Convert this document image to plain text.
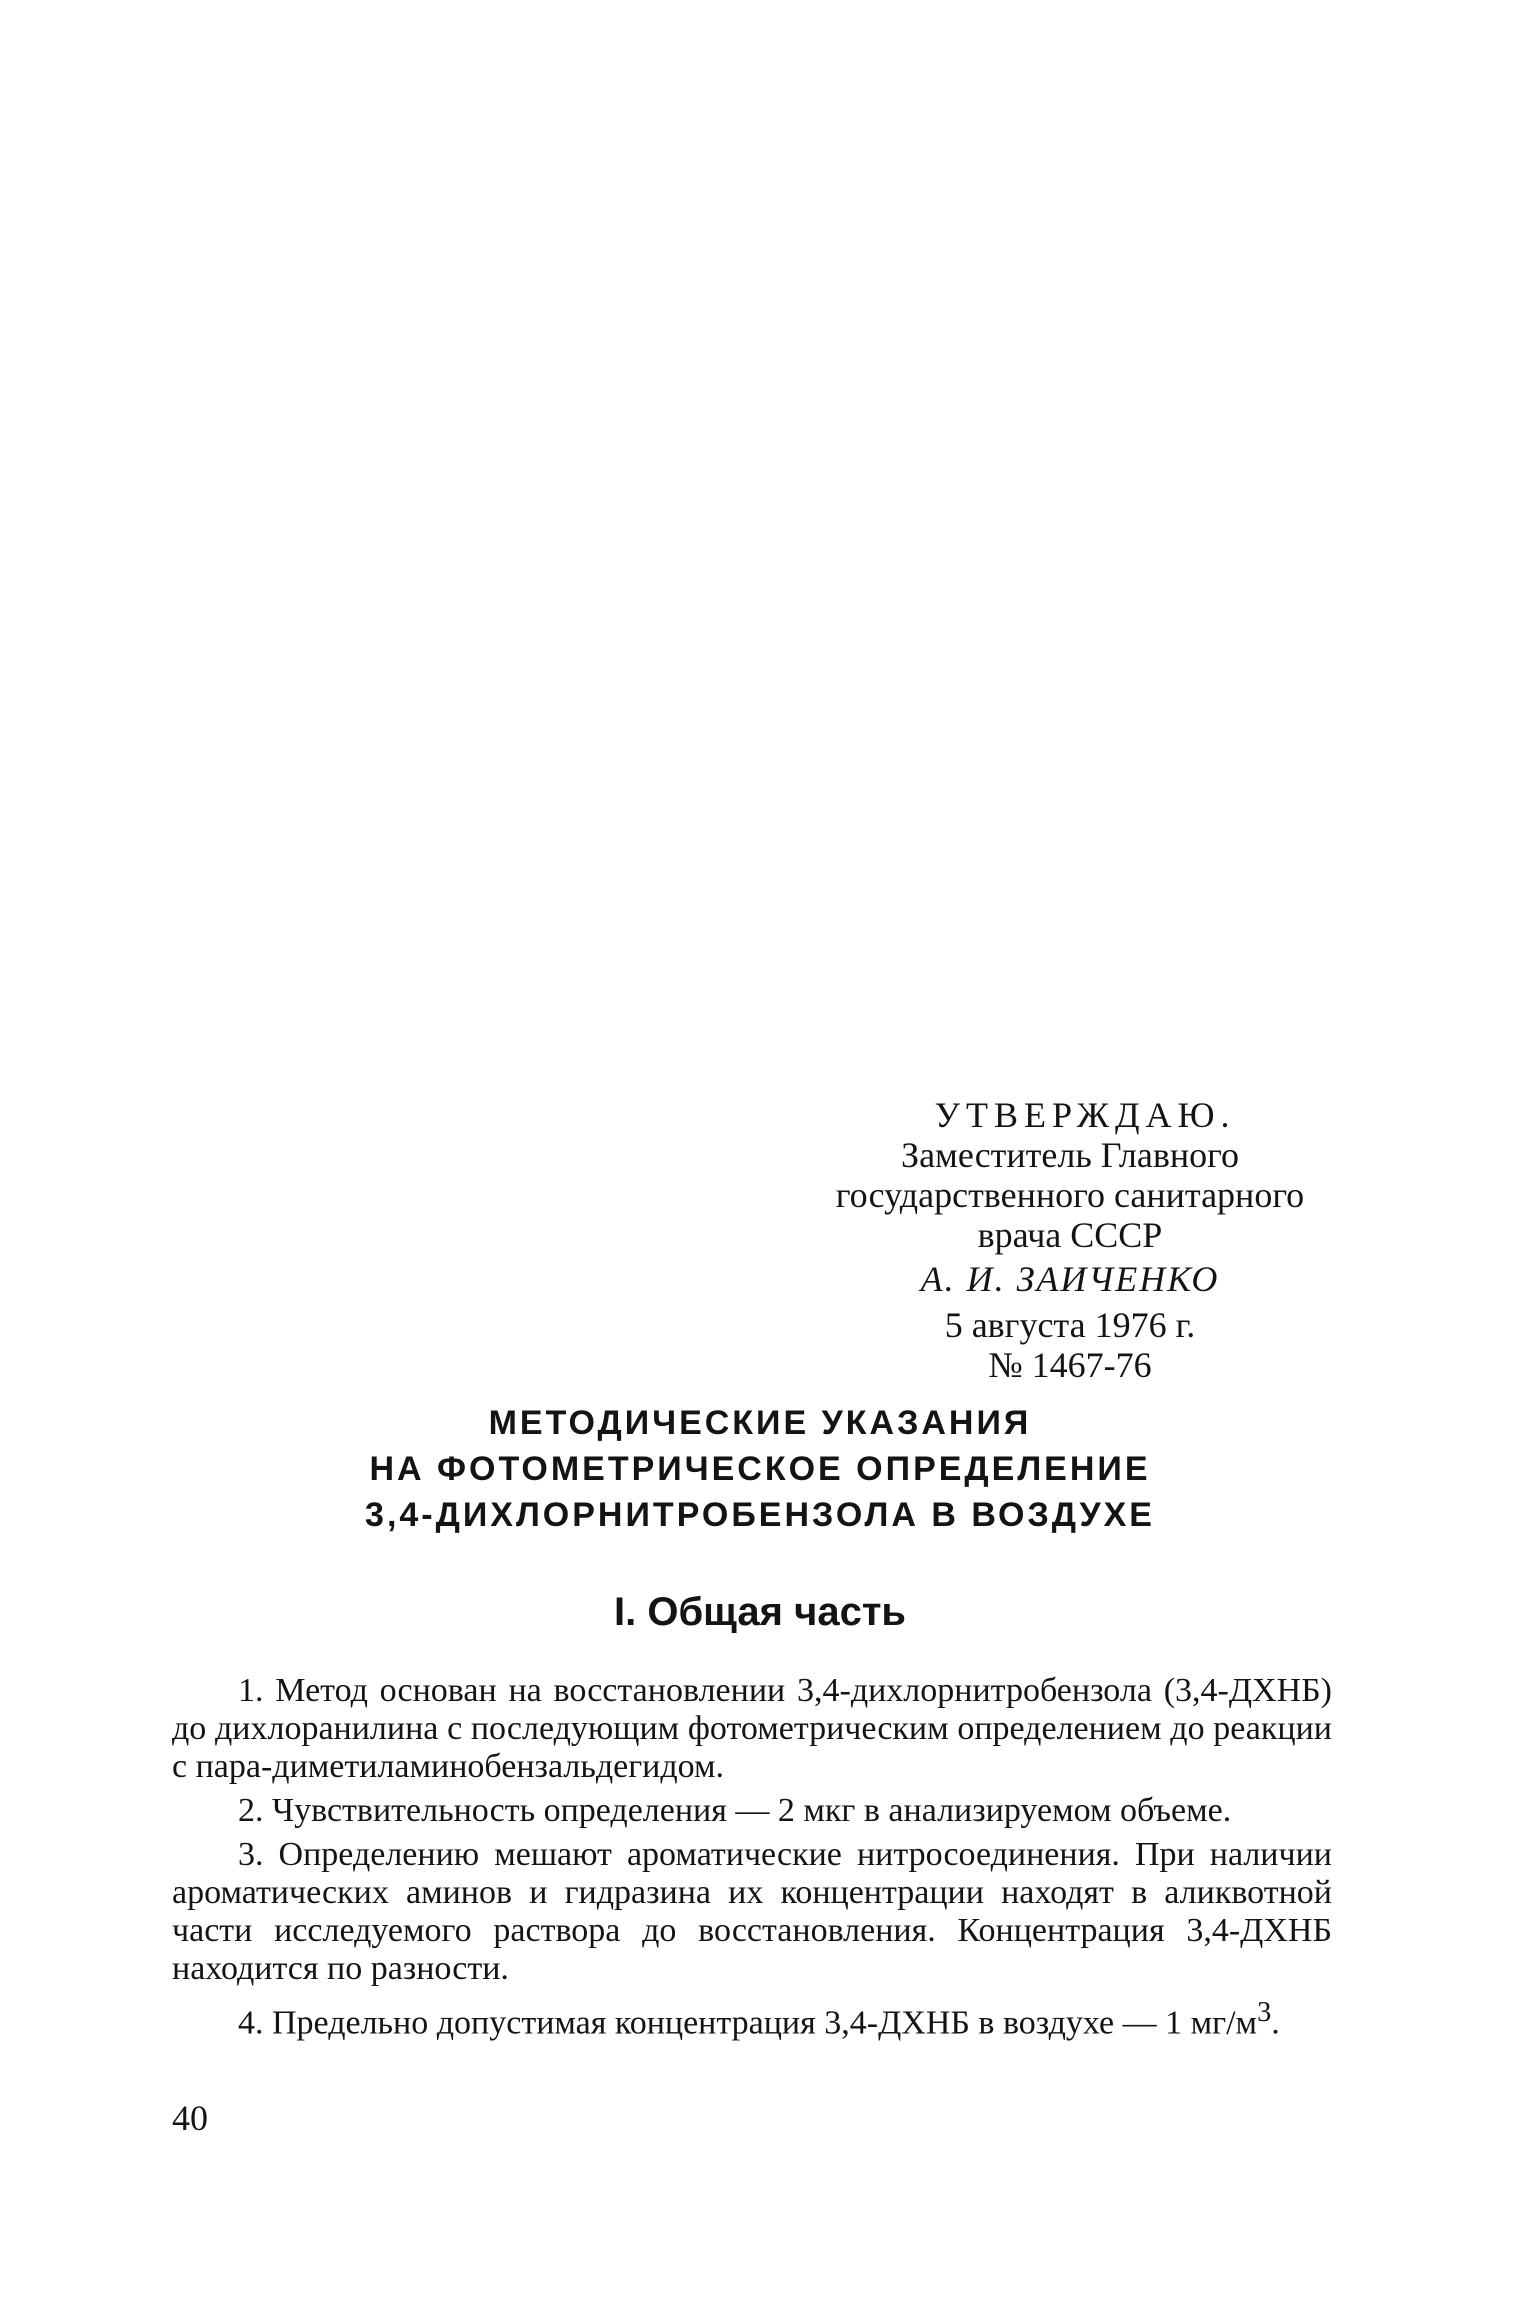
УТВЕРЖДАЮ.
Заместитель Главного
государственного санитарного
врача СССР
А. И. ЗАИЧЕНКО
5 августа 1976 г.
№ 1467-76
МЕТОДИЧЕСКИЕ УКАЗАНИЯ
НА ФОТОМЕТРИЧЕСКОЕ ОПРЕДЕЛЕНИЕ
3,4-ДИХЛОРНИТРОБЕНЗОЛА В ВОЗДУХЕ
I. Общая часть

1. Метод основан на восстановлении 3,4-дихлорнитробензола (3,4-ДХНБ) до дихлоранилина с последующим фотометрическим определением до реакции с пара-диметиламинобензальдегидом.

2. Чувствительность определения — 2 мкг в анализируемом объеме.

3. Определению мешают ароматические нитросоединения. При наличии ароматических аминов и гидразина их концентрации находят в аликвотной части исследуемого раствора до восстановления. Концентрация 3,4-ДХНБ находится по разности.

4. Предельно допустимая концентрация 3,4-ДХНБ в воздухе — 1 $мг/м^3$.

40
